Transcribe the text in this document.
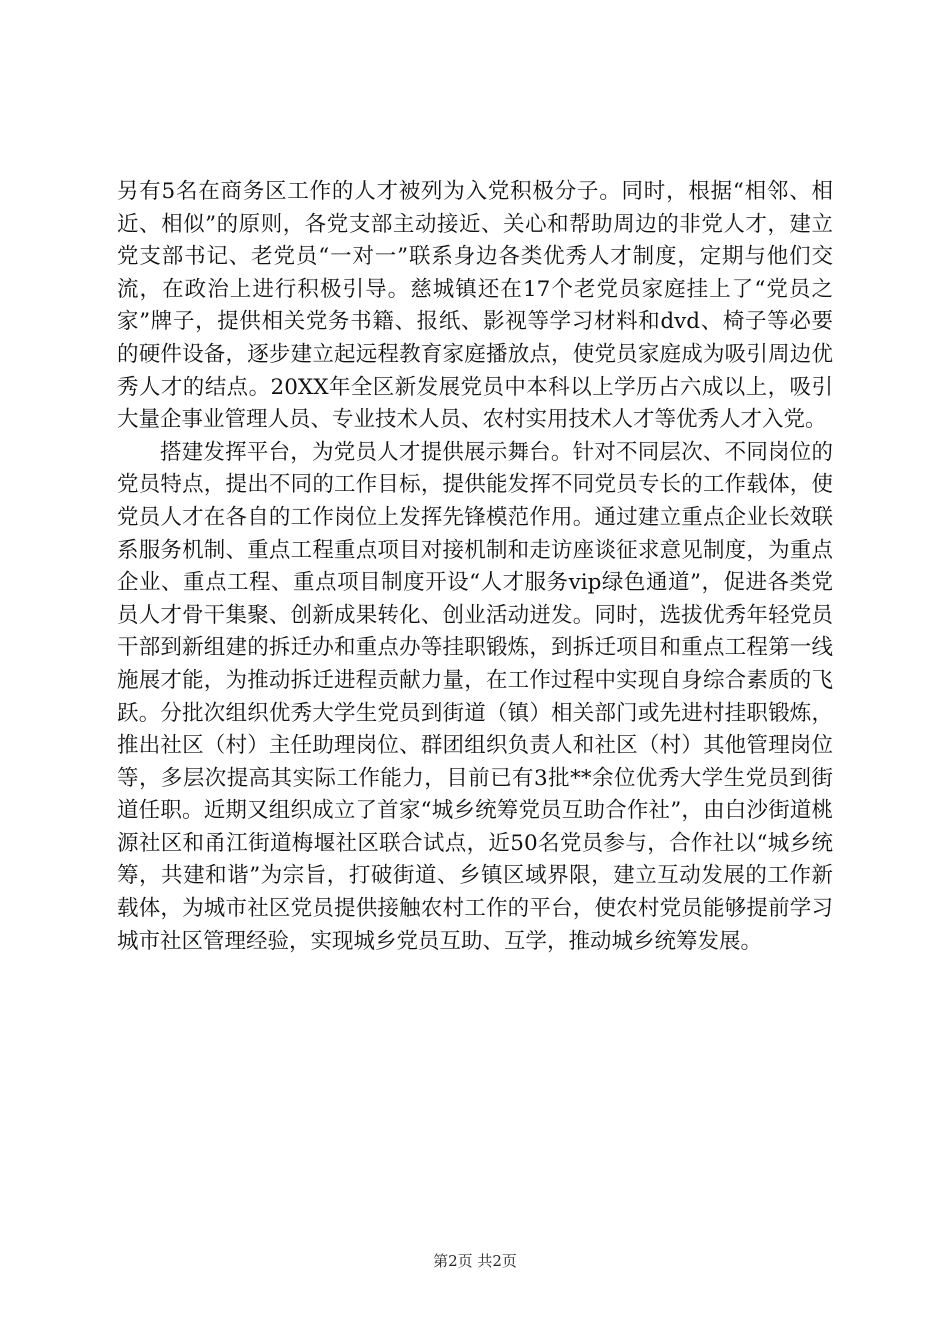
另有5名在商务区工作的人才被列为入党积极分子。同时，根据“相邻、相近、相似”的原则，各党支部主动接近、关心和帮助周边的非党人才，建立党支部书记、老党员“一对一”联系身边各类优秀人才制度，定期与他们交流，在政治上进行积极引导。慈城镇还在17个老党员家庭挂上了“党员之家”牌子，提供相关党务书籍、报纸、影视等学习材料和dvd、椅子等必要的硬件设备，逐步建立起远程教育家庭播放点，使党员家庭成为吸引周边优秀人才的结点。20XX年全区新发展党员中本科以上学历占六成以上，吸引大量企事业管理人员、专业技术人员、农村实用技术人才等优秀人才入党。

搭建发挥平台，为党员人才提供展示舞台。针对不同层次、不同岗位的党员特点，提出不同的工作目标，提供能发挥不同党员专长的工作载体，使党员人才在各自的工作岗位上发挥先锋模范作用。通过建立重点企业长效联系服务机制、重点工程重点项目对接机制和走访座谈征求意见制度，为重点企业、重点工程、重点项目制度开设“人才服务vip绿色通道”，促进各类党员人才骨干集聚、创新成果转化、创业活动迸发。同时，选拔优秀年轻党员干部到新组建的拆迁办和重点办等挂职锻炼，到拆迁项目和重点工程第一线施展才能，为推动拆迁进程贡献力量，在工作过程中实现自身综合素质的飞跃。分批次组织优秀大学生党员到街道（镇）相关部门或先进村挂职锻炼，推出社区（村）主任助理岗位、群团组织负责人和社区（村）其他管理岗位等，多层次提高其实际工作能力，目前已有3批**余位优秀大学生党员到街道任职。近期又组织成立了首家“城乡统筹党员互助合作社”，由白沙街道桃源社区和甬江街道梅堰社区联合试点，近50名党员参与，合作社以“城乡统筹，共建和谐”为宗旨，打破街道、乡镇区域界限，建立互动发展的工作新载体，为城市社区党员提供接触农村工作的平台，使农村党员能够提前学习城市社区管理经验，实现城乡党员互助、互学，推动城乡统筹发展。

第2页 共2页
